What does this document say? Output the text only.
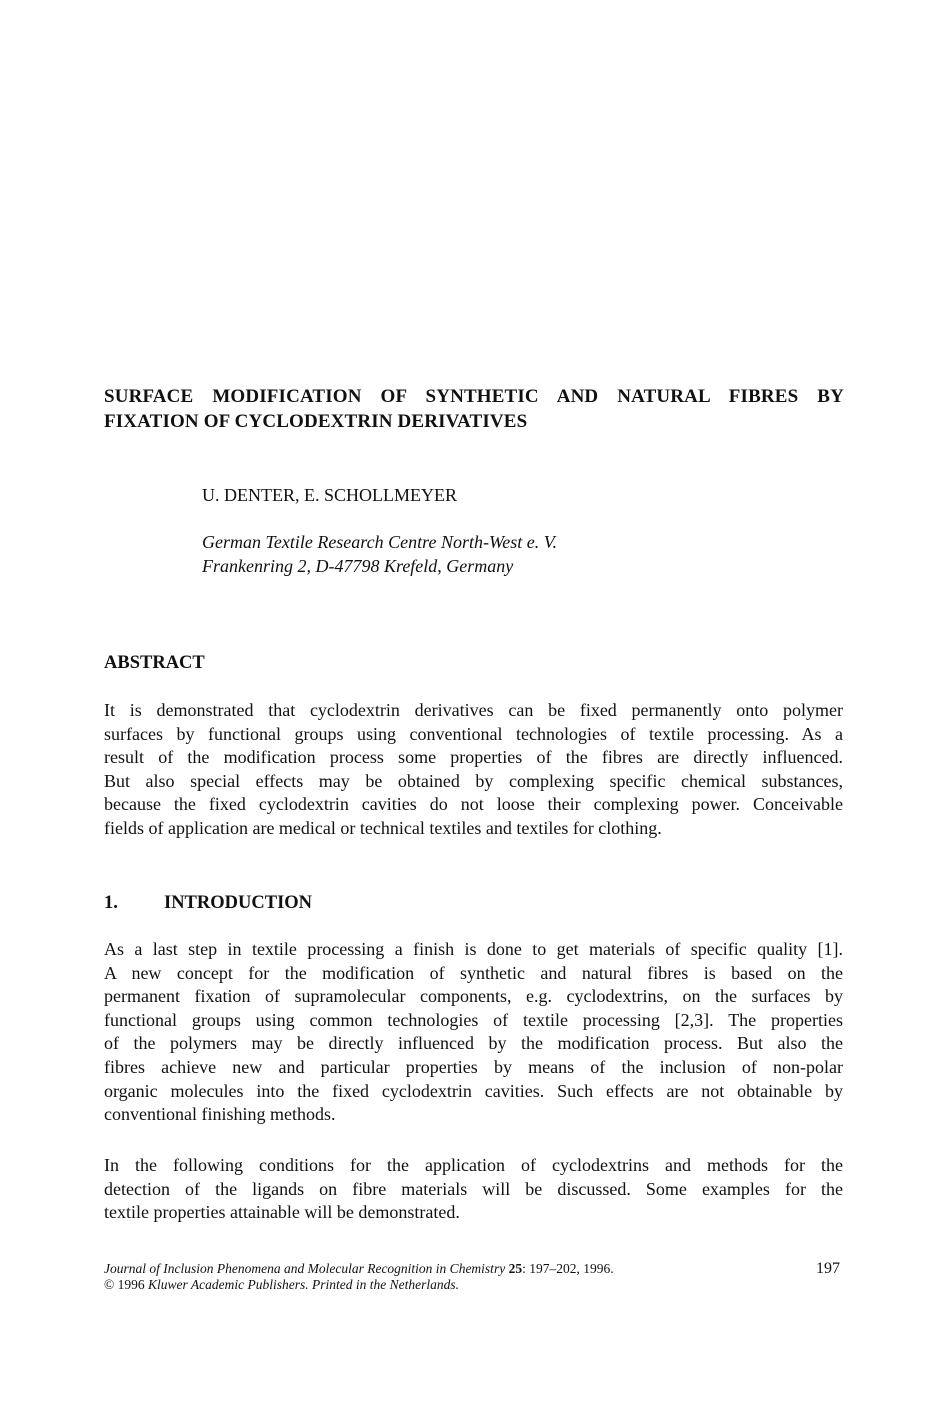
SURFACE MODIFICATION OF SYNTHETIC AND NATURAL FIBRES BY
FIXATION OF CYCLODEXTRIN DERIVATIVES
U. DENTER, E. SCHOLLMEYER
German Textile Research Centre North-West e. V.
Frankenring 2, D-47798 Krefeld, Germany
ABSTRACT
It is demonstrated that cyclodextrin derivatives can be fixed permanently onto polymer
surfaces by functional groups using conventional technologies of textile processing. As a
result of the modification process some properties of the fibres are directly influenced.
But also special effects may be obtained by complexing specific chemical substances,
because the fixed cyclodextrin cavities do not loose their complexing power. Conceivable
fields of application are medical or technical textiles and textiles for clothing.
1. INTRODUCTION
As a last step in textile processing a finish is done to get materials of specific quality [1].
A new concept for the modification of synthetic and natural fibres is based on the
permanent fixation of supramolecular components, e.g. cyclodextrins, on the surfaces by
functional groups using common technologies of textile processing [2,3]. The properties
of the polymers may be directly influenced by the modification process. But also the
fibres achieve new and particular properties by means of the inclusion of non-polar
organic molecules into the fixed cyclodextrin cavities. Such effects are not obtainable by
conventional finishing methods.
In the following conditions for the application of cyclodextrins and methods for the
detection of the ligands on fibre materials will be discussed. Some examples for the
textile properties attainable will be demonstrated.
Journal of Inclusion Phenomena and Molecular Recognition in Chemistry 25: 197–202, 1996.
© 1996 Kluwer Academic Publishers. Printed in the Netherlands.
197
